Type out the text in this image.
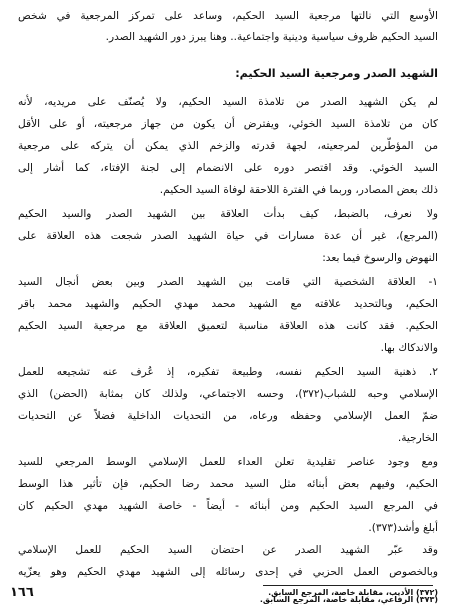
الأوسع التي نالتها مرجعية السيد الحكيم، وساعد على تمركز المرجعية في شخص

السيد الحكيم ظروف سياسية ودينية واجتماعية.. وهنا يبرز دور الشهيد الصدر.

الشهيد الصدر ومرجعية السيد الحكيم:

لم يكن الشهيد الصدر من تلامذة السيد الحكيم، ولا يُصنّف على مريديه، لأنه

كان من تلامذة السيد الخوئي، ويفترض أن يكون من جهاز مرجعيته، أو على الأقل

من المؤطّرين لمرجعيته، لجهة قدرته والزخم الذي يمكن أن يتركه على مرجعية

السيد الخوئي. وقد اقتصر دوره على الانضمام إلى لجنة الإفتاء، كما أشار إلى

ذلك بعض المصادر، وربما في الفترة اللاحقة لوفاة السيد الحكيم.

ولا نعرف، بالضبط، كيف بدأت العلاقة بين الشهيد الصدر والسيد الحكيم

(المرجع)، غير أن عدة مسارات في حياة الشهيد الصدر شجعت هذه العلاقة على

النهوض والرسوخ فيما بعد:

١- العلاقة الشخصية التي قامت بين الشهيد الصدر وبين بعض أنجال السيد

الحكيم، وبالتحديد علاقته مع الشهيد محمد مهدي الحكيم والشهيد محمد باقر

الحكيم. فقد كانت هذه العلاقة مناسبة لتعميق العلاقة مع مرجعية السيد الحكيم

والاندكاك بها.

٢. ذهنية السيد الحكيم نفسه، وطبيعة تفكيره، إذ عُرف عنه تشجيعه للعمل

الإسلامي وحبه للشباب(٣٧٢)، وحسه الاجتماعي، ولذلك كان بمثابة (الحضن) الذي

ضمّ العمل الإسلامي وحفظه ورعاه، من التحديات الداخلية فضلاً عن التحديات

الخارجية.

ومع وجود عناصر تقليدية تعلن العداء للعمل الإسلامي الوسط المرجعي للسيد

الحكيم، وفيهم بعض أبنائه مثل السيد محمد رضا الحكيم، فإن تأثير هذا الوسط

في المرجع السيد الحكيم ومن أبنائه - أيضاً - خاصة الشهيد مهدي الحكيم كان

أبلغ وأشد(٣٧٣).

وقد عبّر الشهيد الصدر عن احتضان السيد الحكيم للعمل الإسلامي

وبالخصوص العمل الحزبي في إحدى رسائله إلى الشهيد مهدي الحكيم وهو يعزّيه

(٣٧٢) الأديب، مقابلة خاصة، المرجع السابق.

(٣٧٣) الرفاعي، مقابلة خاصة، المرجع السابق.

١٦٦
